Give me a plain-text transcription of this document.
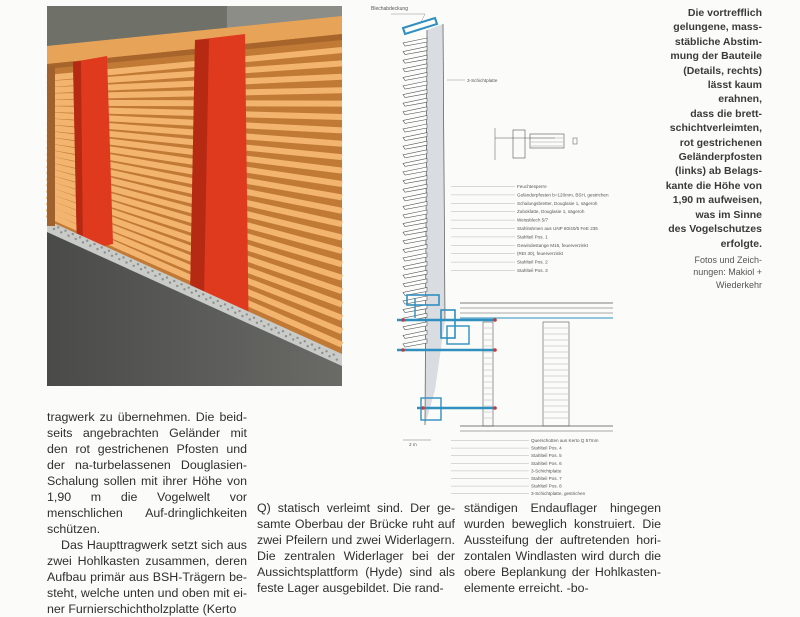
Blechabdeckung
3-Schichtplatte
Feuchtesperre
Geländerpfosten b=120mm, BSH, gestrichen
Schalungsbretter, Douglasie 1, sägeroh
Zuboklatte, Douglasie 1, sägeroh
Weissblech 5/7
Stahlrahmen aus UNP 80/40/5 FeE 235
Stahlteil Pos. 1
Gewindestange M16, feuerverzinkt
(REI 30), feuerverzinkt
Stahlteil Pos. 2
Stahlteil Pos. 3
2 m
Querschotten aus Kerto Q 57mm
Stahlteil Pos. 4
Stahlteil Pos. 5
Stahlteil Pos. 6
3-Schichtplatte
Stahlteil Pos. 7
Stahlteil Pos. 8
3-Schichtplatte, gestrichen
Die vortrefflich
gelungene, mass-
stäbliche Abstim-
mung der Bauteile
(Details, rechts)
lässt kaum erahnen,
dass die brett-
schichtverleimten,
rot gestrichenen
Geländerpfosten
(links) ab Belags-
kante die Höhe von
1,90 m aufweisen,
was im Sinne
des Vogelschutzes
erfolgte.
Fotos und Zeich-
nungen: Makiol +
Wiederkehr

tragwerk zu übernehmen. Die beid-seits angebrachten Geländer mit den rot gestrichenen Pfosten und der na-turbelassenen Douglasien-Schalung sollen mit ihrer Höhe von 1,90 m die Vogelwelt vor menschlichen Auf-dringlichkeiten schützen.

Das Haupttragwerk setzt sich aus zwei Hohlkasten zusammen, deren Aufbau primär aus BSH-Trägern be-steht, welche unten und oben mit ei-ner Furnierschichtholzplatte (Kerto

Q) statisch verleimt sind. Der ge-samte Oberbau der Brücke ruht auf zwei Pfeilern und zwei Widerlagern. Die zentralen Widerlager bei der Aussichtsplattform (Hyde) sind als feste Lager ausgebildet. Die rand-

ständigen Endauflager hingegen wurden beweglich konstruiert. Die Aussteifung der auftretenden hori-zontalen Windlasten wird durch die obere Beplankung der Hohlkasten-elemente erreicht. -bo-
